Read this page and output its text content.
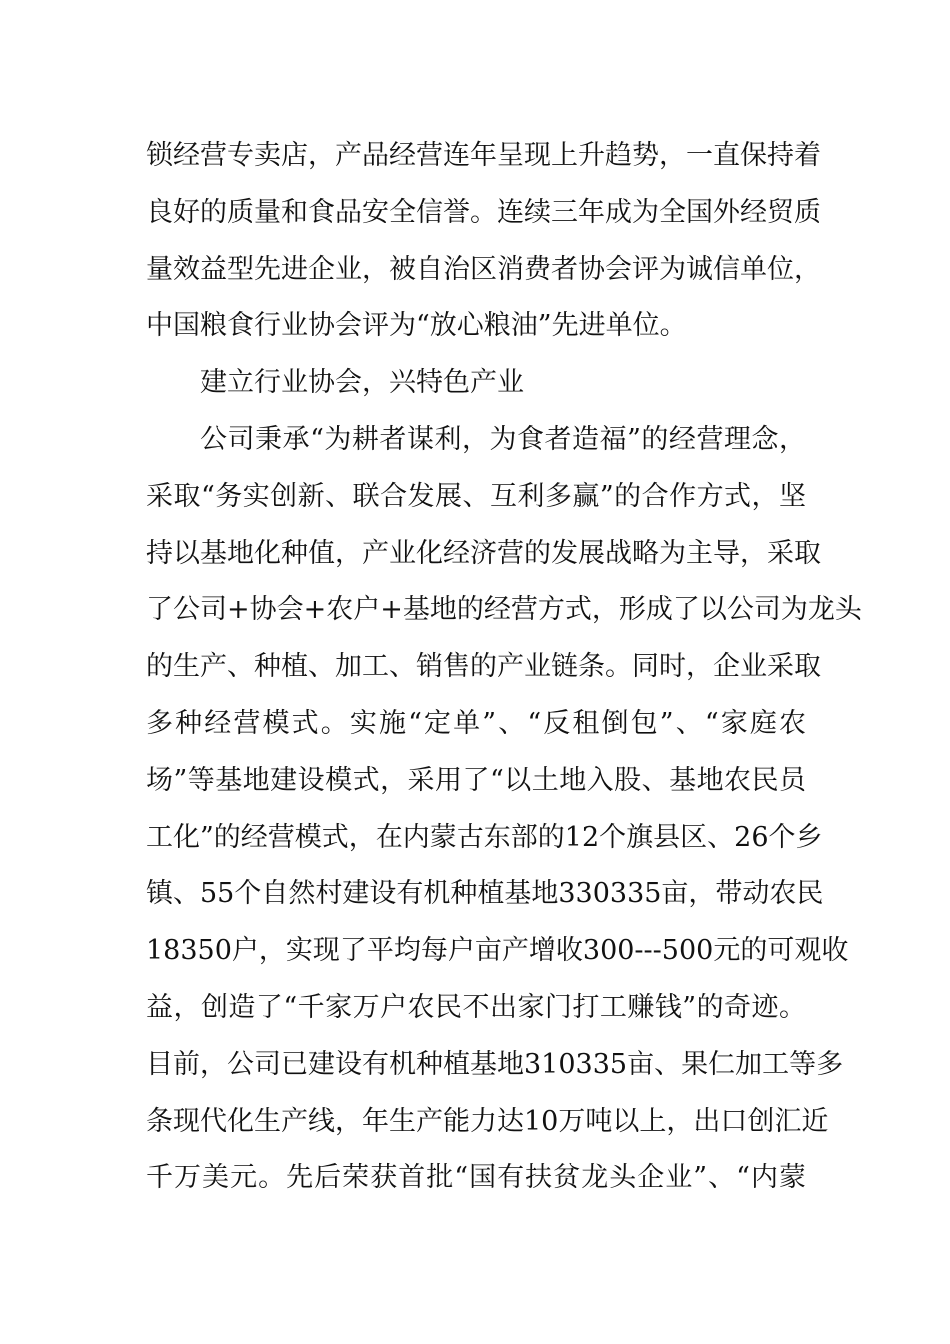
锁经营专卖店，产品经营连年呈现上升趋势，一直保持着
良好的质量和食品安全信誉。连续三年成为全国外经贸质
量效益型先进企业，被自治区消费者协会评为诚信单位，
中国粮食行业协会评为“放心粮油”先进单位。
建立行业协会，兴特色产业
公司秉承“为耕者谋利，为食者造福”的经营理念，
采取“务实创新、联合发展、互利多赢”的合作方式，坚
持以基地化种值，产业化经济营的发展战略为主导，采取
了公司+协会+农户+基地的经营方式，形成了以公司为龙头
的生产、种植、加工、销售的产业链条。同时，企业采取
多种经营模式。实施“定单”、“反租倒包”、“家庭农
场”等基地建设模式，采用了“以土地入股、基地农民员
工化”的经营模式，在内蒙古东部的12个旗县区、26个乡
镇、55个自然村建设有机种植基地330335亩，带动农民
18350户，实现了平均每户亩产增收300---500元的可观收
益，创造了“千家万户农民不出家门打工赚钱”的奇迹。
目前，公司已建设有机种植基地310335亩、果仁加工等多
条现代化生产线，年生产能力达10万吨以上，出口创汇近
千万美元。先后荣获首批“国有扶贫龙头企业”、“内蒙
